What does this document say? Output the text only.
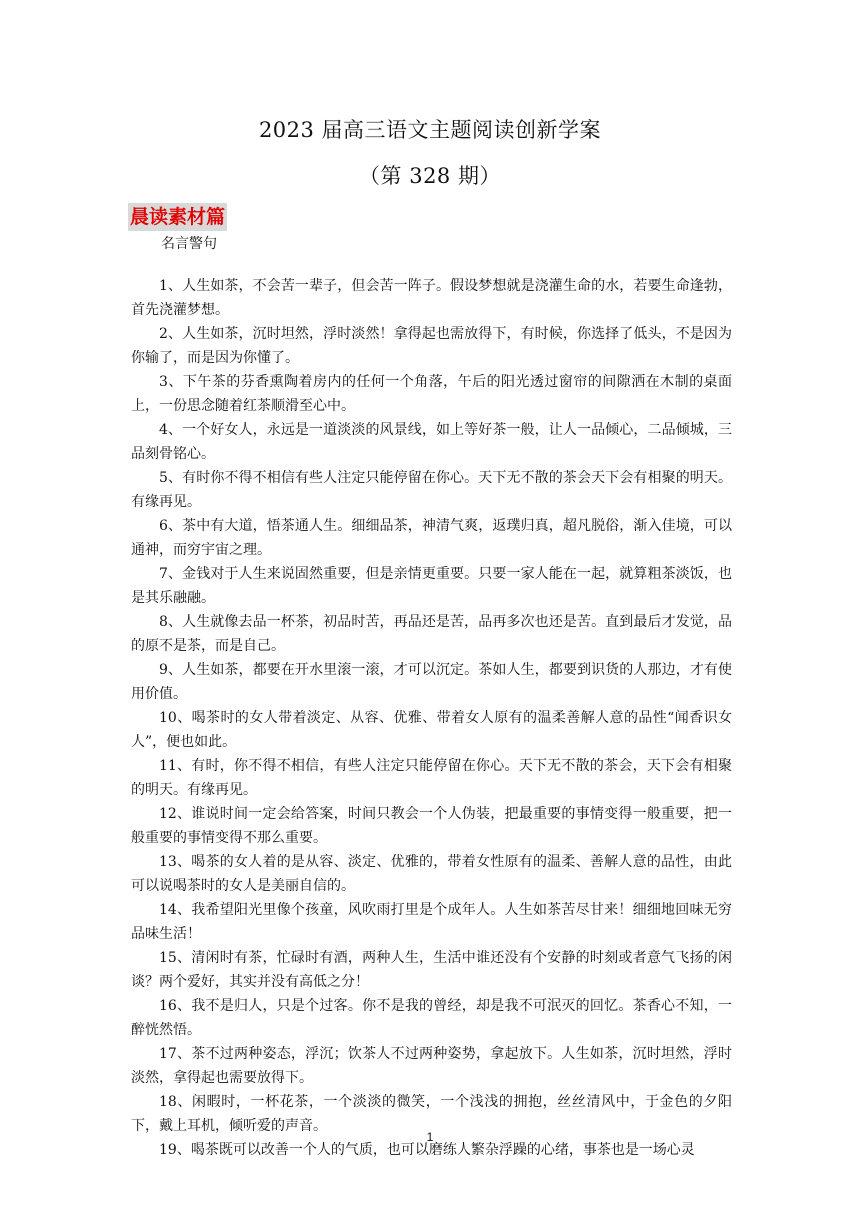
2023 届高三语文主题阅读创新学案
（第 328 期）
晨读素材篇
名言警句

1、人生如茶，不会苦一辈子，但会苦一阵子。假设梦想就是浇灌生命的水，若要生命逢勃，首先浇灌梦想。

2、人生如茶，沉时坦然，浮时淡然！拿得起也需放得下，有时候，你选择了低头，不是因为你输了，而是因为你懂了。

3、下午茶的芬香熏陶着房内的任何一个角落，午后的阳光透过窗帘的间隙洒在木制的桌面上，一份思念随着红茶顺滑至心中。

4、一个好女人，永远是一道淡淡的风景线，如上等好茶一般，让人一品倾心，二品倾城，三品刻骨铭心。

5、有时你不得不相信有些人注定只能停留在你心。天下无不散的茶会天下会有相聚的明天。有缘再见。

6、茶中有大道，悟茶通人生。细细品茶，神清气爽，返璞归真，超凡脱俗，渐入佳境，可以通神，而穷宇宙之理。

7、金钱对于人生来说固然重要，但是亲情更重要。只要一家人能在一起，就算粗茶淡饭，也是其乐融融。

8、人生就像去品一杯茶，初品时苦，再品还是苦，品再多次也还是苦。直到最后才发觉，品的原不是茶，而是自己。

9、人生如茶，都要在开水里滚一滚，才可以沉定。茶如人生，都要到识货的人那边，才有使用价值。

10、喝茶时的女人带着淡定、从容、优雅、带着女人原有的温柔善解人意的品性“闻香识女人”，便也如此。

11、有时，你不得不相信，有些人注定只能停留在你心。天下无不散的茶会，天下会有相聚的明天。有缘再见。

12、谁说时间一定会给答案，时间只教会一个人伪装，把最重要的事情变得一般重要，把一般重要的事情变得不那么重要。

13、喝茶的女人着的是从容、淡定、优雅的，带着女性原有的温柔、善解人意的品性，由此可以说喝茶时的女人是美丽自信的。

14、我希望阳光里像个孩童，风吹雨打里是个成年人。人生如茶苦尽甘来！细细地回味无穷品味生活！

15、清闲时有茶，忙碌时有酒，两种人生，生活中谁还没有个安静的时刻或者意气飞扬的闲谈？两个爱好，其实并没有高低之分！

16、我不是归人，只是个过客。你不是我的曾经，却是我不可泯灭的回忆。茶香心不知，一醉恍然悟。

17、茶不过两种姿态，浮沉；饮茶人不过两种姿势，拿起放下。人生如茶，沉时坦然，浮时淡然，拿得起也需要放得下。

18、闲暇时，一杯花茶，一个淡淡的微笑，一个浅浅的拥抱，丝丝清风中，于金色的夕阳下，戴上耳机，倾听爱的声音。

19、喝茶既可以改善一个人的气质，也可以磨练人繁杂浮躁的心绪，事茶也是一场心灵

1
